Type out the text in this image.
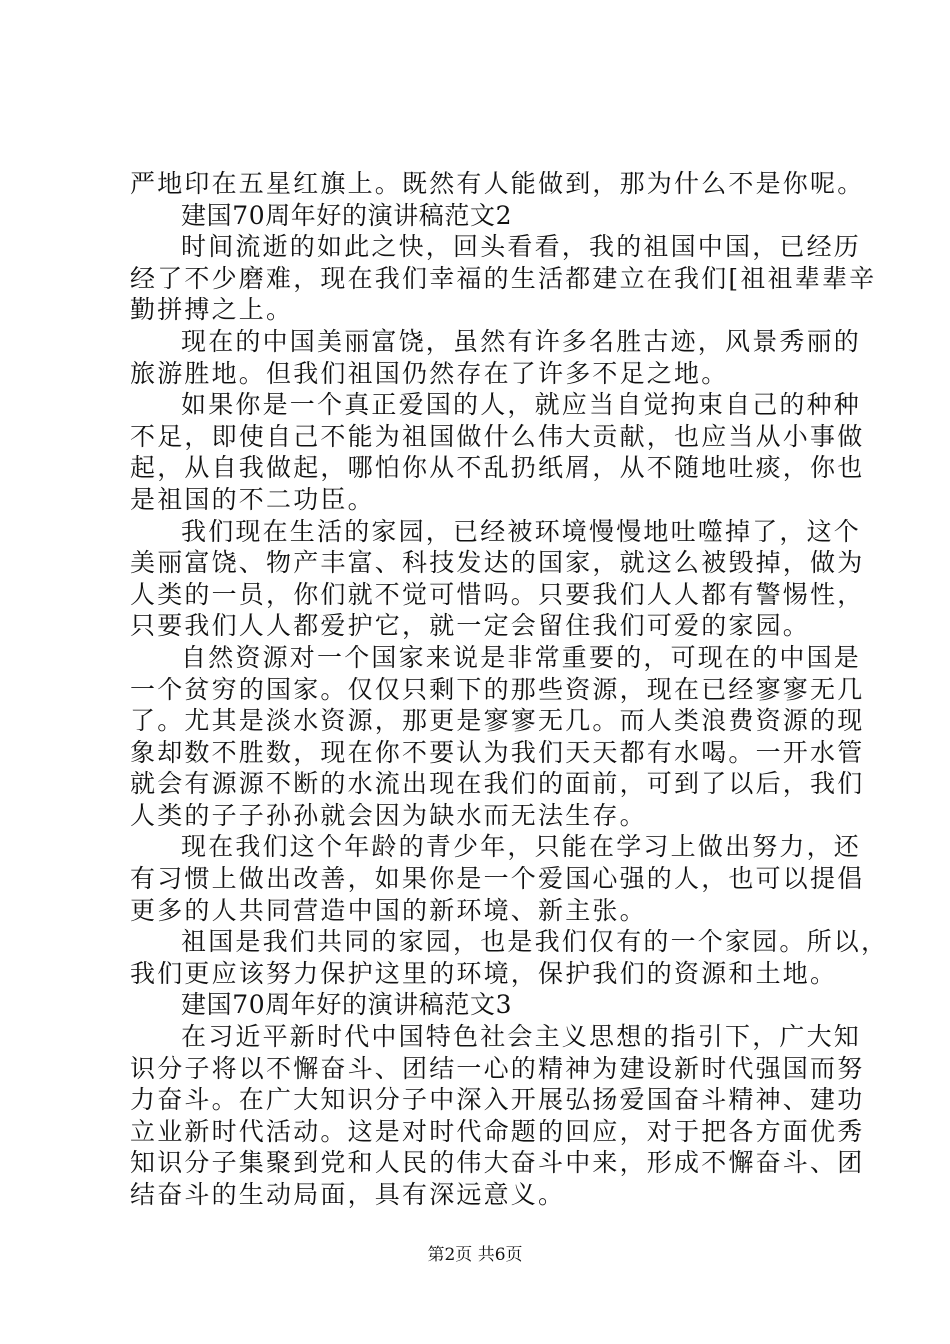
严地印在五星红旗上。既然有人能做到，那为什么不是你呢。
建国70周年好的演讲稿范文2
时间流逝的如此之快，回头看看，我的祖国中国，已经历
经了不少磨难，现在我们幸福的生活都建立在我们[祖祖辈辈辛
勤拼搏之上。
现在的中国美丽富饶，虽然有许多名胜古迹，风景秀丽的
旅游胜地。但我们祖国仍然存在了许多不足之地。
如果你是一个真正爱国的人，就应当自觉拘束自己的种种
不足，即使自己不能为祖国做什么伟大贡献，也应当从小事做
起，从自我做起，哪怕你从不乱扔纸屑，从不随地吐痰，你也
是祖国的不二功臣。
我们现在生活的家园，已经被环境慢慢地吐噬掉了，这个
美丽富饶、物产丰富、科技发达的国家，就这么被毁掉，做为
人类的一员，你们就不觉可惜吗。只要我们人人都有警惕性，
只要我们人人都爱护它，就一定会留住我们可爱的家园。
自然资源对一个国家来说是非常重要的，可现在的中国是
一个贫穷的国家。仅仅只剩下的那些资源，现在已经寥寥无几
了。尤其是淡水资源，那更是寥寥无几。而人类浪费资源的现
象却数不胜数，现在你不要认为我们天天都有水喝。一开水管
就会有源源不断的水流出现在我们的面前，可到了以后，我们
人类的子子孙孙就会因为缺水而无法生存。
现在我们这个年龄的青少年，只能在学习上做出努力，还
有习惯上做出改善，如果你是一个爱国心强的人，也可以提倡
更多的人共同营造中国的新环境、新主张。
祖国是我们共同的家园，也是我们仅有的一个家园。所以，
我们更应该努力保护这里的环境，保护我们的资源和土地。
建国70周年好的演讲稿范文3
在习近平新时代中国特色社会主义思想的指引下，广大知
识分子将以不懈奋斗、团结一心的精神为建设新时代强国而努
力奋斗。在广大知识分子中深入开展弘扬爱国奋斗精神、建功
立业新时代活动。这是对时代命题的回应，对于把各方面优秀
知识分子集聚到党和人民的伟大奋斗中来，形成不懈奋斗、团
结奋斗的生动局面，具有深远意义。
第2页 共6页
